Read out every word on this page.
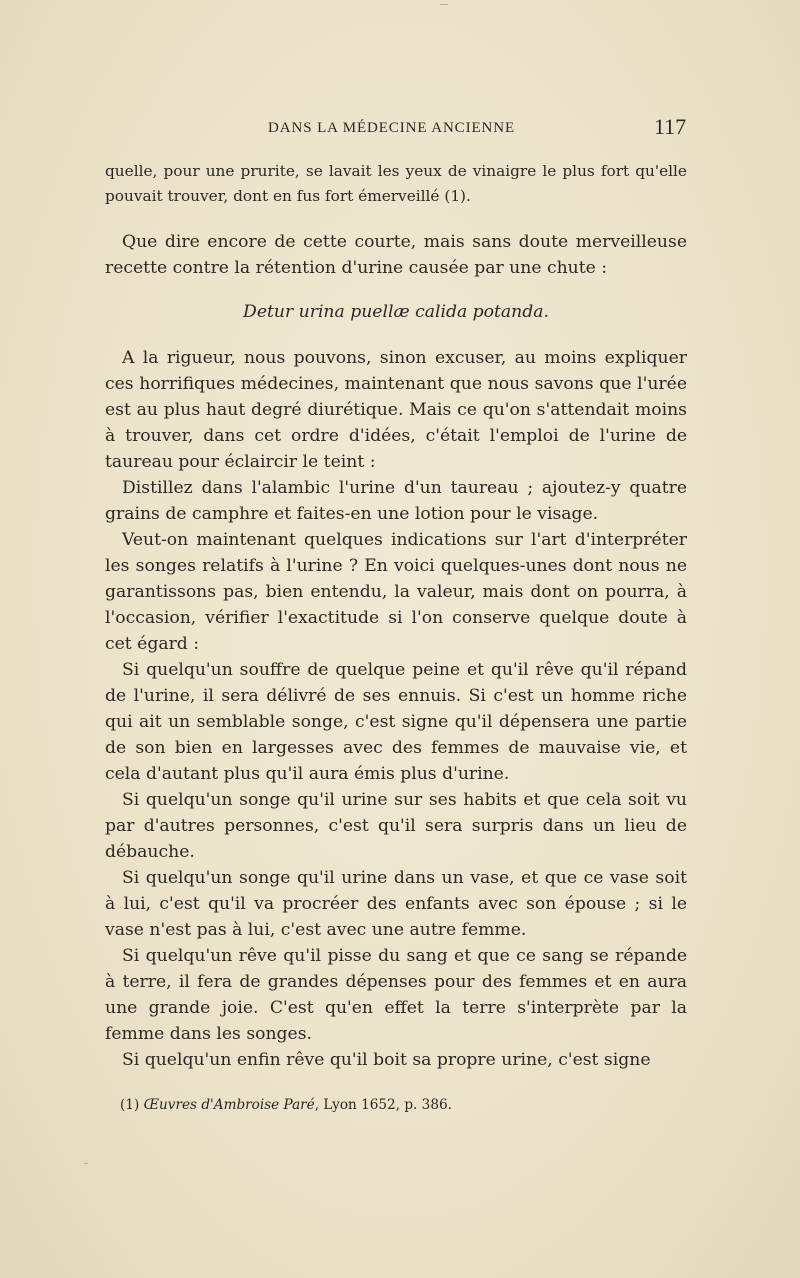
DANS LA MÉDECINE ANCIENNE	117

quelle, pour une prurite, se lavait les yeux de vinaigre le plus fort qu'elle pouvait trouver, dont en fus fort émerveillé (1).

Que dire encore de cette courte, mais sans doute merveilleuse recette contre la rétention d'urine causée par une chute :

Detur urina puellæ calida potanda.

A la rigueur, nous pouvons, sinon excuser, au moins expliquer ces horrifiques médecines, maintenant que nous savons que l'urée est au plus haut degré diurétique. Mais ce qu'on s'attendait moins à trouver, dans cet ordre d'idées, c'était l'emploi de l'urine de taureau pour éclaircir le teint :

Distillez dans l'alambic l'urine d'un taureau ; ajoutez-y quatre grains de camphre et faites-en une lotion pour le visage.

Veut-on maintenant quelques indications sur l'art d'interpréter les songes relatifs à l'urine ? En voici quelques-unes dont nous ne garantissons pas, bien entendu, la valeur, mais dont on pourra, à l'occasion, vérifier l'exactitude si l'on conserve quelque doute à cet égard :

Si quelqu'un souffre de quelque peine et qu'il rêve qu'il répand de l'urine, il sera délivré de ses ennuis. Si c'est un homme riche qui ait un semblable songe, c'est signe qu'il dépensera une partie de son bien en largesses avec des femmes de mauvaise vie, et cela d'autant plus qu'il aura émis plus d'urine.

Si quelqu'un songe qu'il urine sur ses habits et que cela soit vu par d'autres personnes, c'est qu'il sera surpris dans un lieu de débauche.

Si quelqu'un songe qu'il urine dans un vase, et que ce vase soit à lui, c'est qu'il va procréer des enfants avec son épouse ; si le vase n'est pas à lui, c'est avec une autre femme.

Si quelqu'un rêve qu'il pisse du sang et que ce sang se répande à terre, il fera de grandes dépenses pour des femmes et en aura une grande joie. C'est qu'en effet la terre s'interprète par la femme dans les songes.

Si quelqu'un enfin rêve qu'il boit sa propre urine, c'est signe

(1) Œuvres d'Ambroise Paré, Lyon 1652, p. 386.
